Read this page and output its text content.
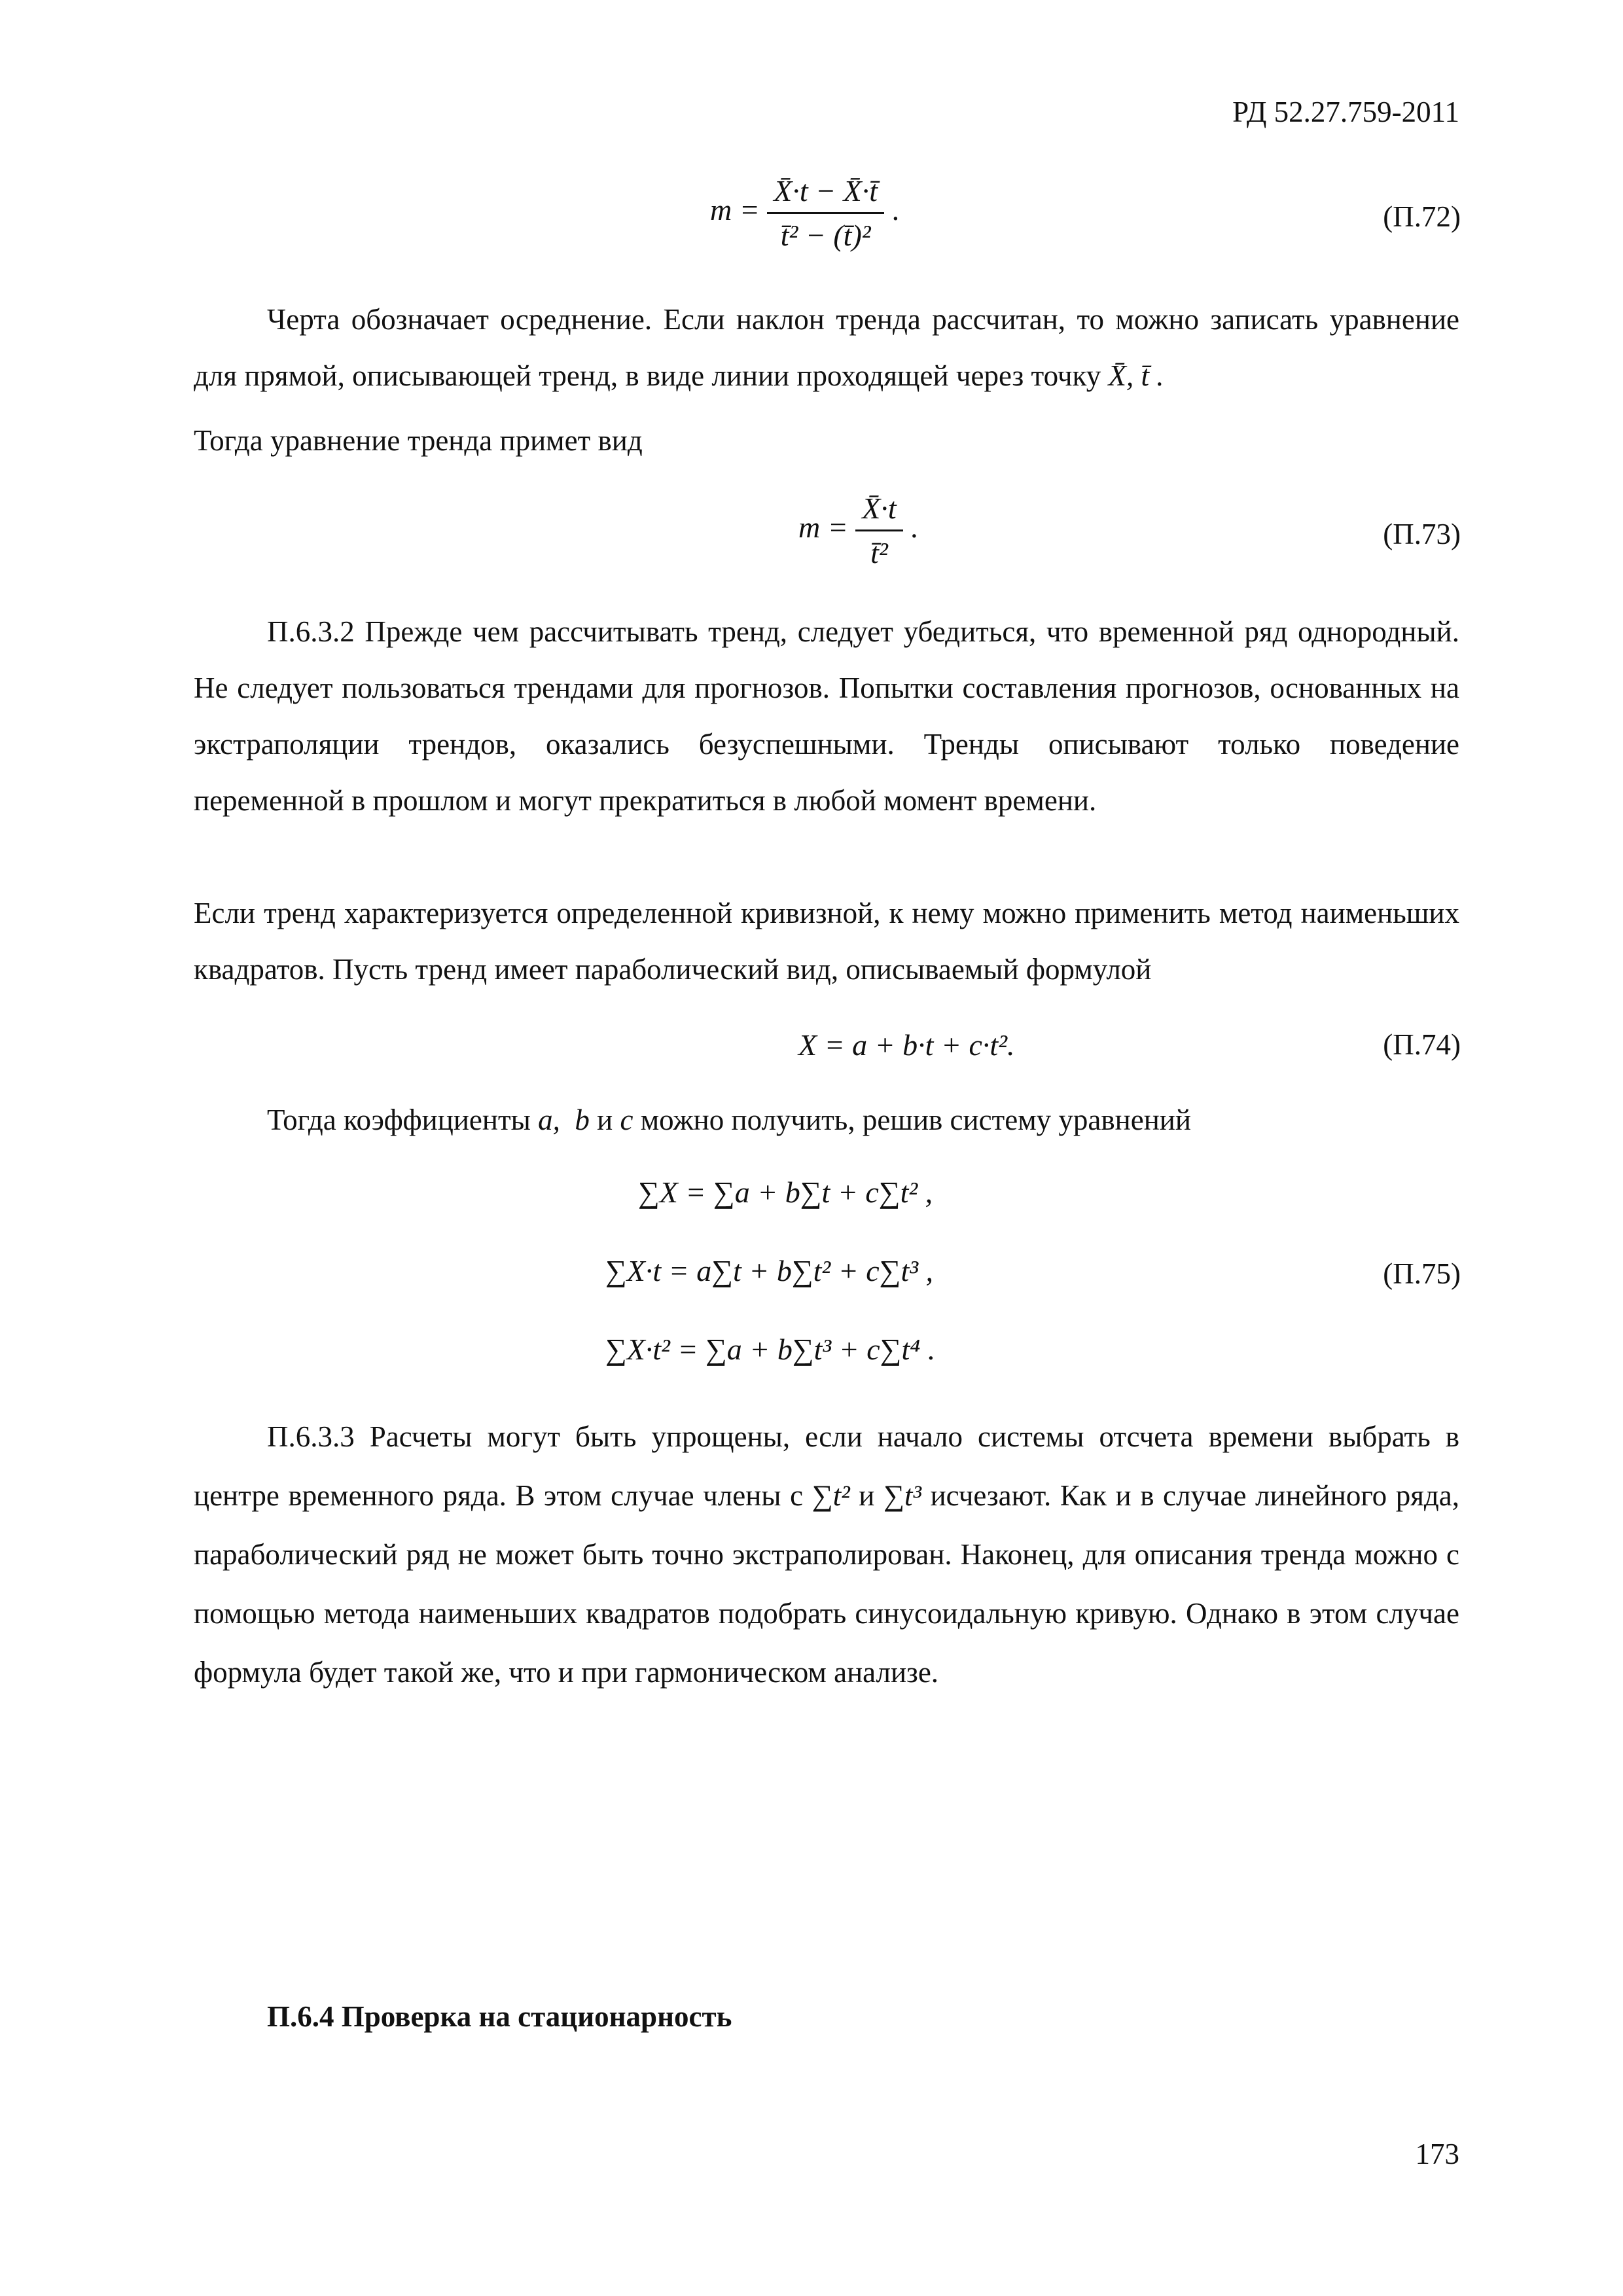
РД 52.27.759-2011
$m = \frac{X̄\cdot t - X̄\cdot t̄}{\text{t̄² − (t̄)²}}$ .	(П.72)
Черта обозначает осреднение. Если наклон тренда рассчитан, то можно записать уравнение для прямой, описывающей тренд, в виде линии проходящей через точку X̄, t̄ .
Тогда уравнение тренда примет вид
$m = \frac{X̄\cdot t}{\text{t̄²}}$ .	(П.73)
П.6.3.2 Прежде чем рассчитывать тренд, следует убедиться, что временной ряд однородный. Не следует пользоваться трендами для прогнозов. Попытки составления прогнозов, основанных на экстраполяции трендов, оказались безуспешными. Тренды описывают только поведение переменной в прошлом и могут прекратиться в любой момент времени.
Если тренд характеризуется определенной кривизной, к нему можно применить метод наименьших квадратов. Пусть тренд имеет параболический вид, описываемый формулой
X = a + b·t + c·t².	(П.74)
Тогда коэффициенты a, b и c можно получить, решив систему уравнений
∑X = ∑a + b∑t + c∑t² ,
∑X·t = a∑t + b∑t² + c∑t³ ,
∑X·t² = ∑a + b∑t³ + c∑t⁴ .
(П.75)
П.6.3.3 Расчеты могут быть упрощены, если начало системы отсчета времени выбрать в центре временного ряда. В этом случае члены с ∑t² и ∑t³ исчезают. Как и в случае линейного ряда, параболический ряд не может быть точно экстраполирован. Наконец, для описания тренда можно с помощью метода наименьших квадратов подобрать синусоидальную кривую. Однако в этом случае формула будет такой же, что и при гармоническом анализе.
П.6.4 Проверка на стационарность
173
